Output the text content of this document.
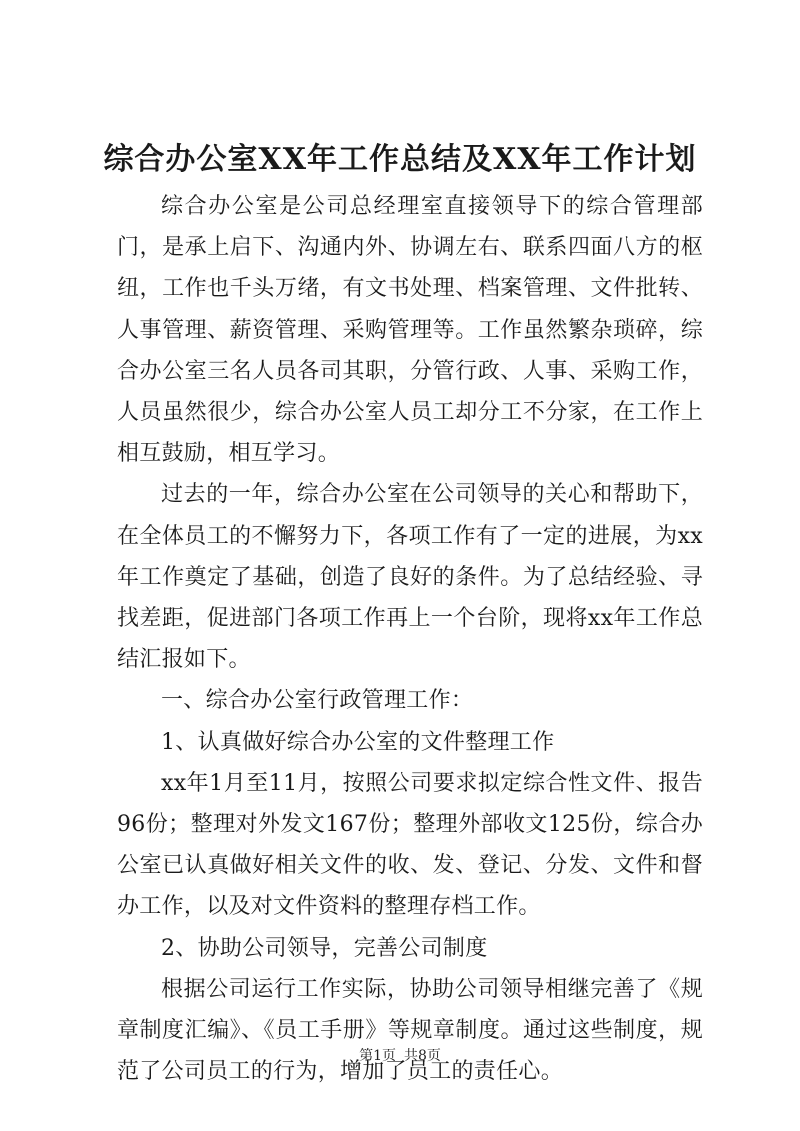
综合办公室XX年工作总结及XX年工作计划

综合办公室是公司总经理室直接领导下的综合管理部门，是承上启下、沟通内外、协调左右、联系四面八方的枢纽，工作也千头万绪，有文书处理、档案管理、文件批转、人事管理、薪资管理、采购管理等。工作虽然繁杂琐碎，综合办公室三名人员各司其职，分管行政、人事、采购工作，人员虽然很少，综合办公室人员工却分工不分家，在工作上相互鼓励，相互学习。

过去的一年，综合办公室在公司领导的关心和帮助下，在全体员工的不懈努力下，各项工作有了一定的进展，为xx年工作奠定了基础，创造了良好的条件。为了总结经验、寻找差距，促进部门各项工作再上一个台阶，现将xx年工作总结汇报如下。

一、综合办公室行政管理工作：

1、认真做好综合办公室的文件整理工作

xx年1月至11月，按照公司要求拟定综合性文件、报告96份；整理对外发文167份；整理外部收文125份，综合办公室已认真做好相关文件的收、发、登记、分发、文件和督办工作，以及对文件资料的整理存档工作。

2、协助公司领导，完善公司制度

根据公司运行工作实际，协助公司领导相继完善了《规章制度汇编》、《员工手册》等规章制度。通过这些制度，规范了公司员工的行为，增加了员工的责任心。

第1页 共8页
